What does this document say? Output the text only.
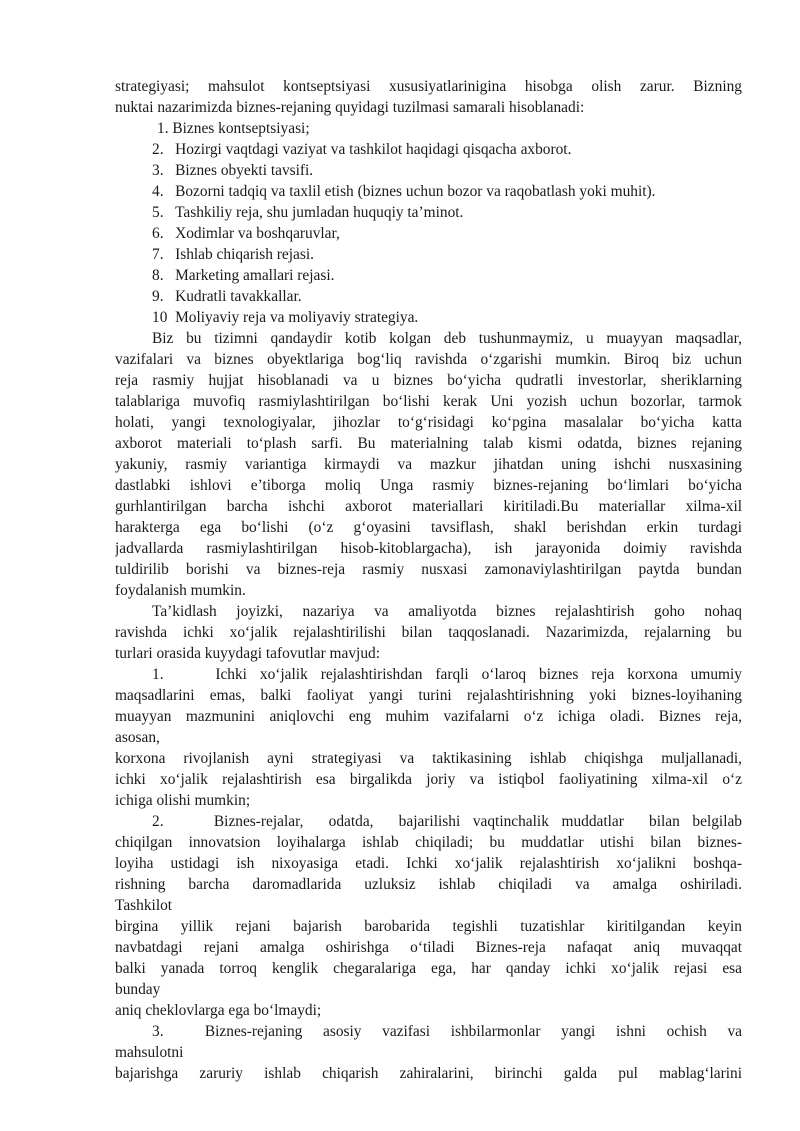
strategiyasi; mahsulot kontseptsiyasi xususiyatlarinigina hisobga olish zarur. Bizning
nuktai nazarimizda biznes-rejaning quyidagi tuzilmasi samarali hisoblanadi:
1. Biznes kontseptsiyasi;
2.   Hozirgi vaqtdagi vaziyat va tashkilot haqidagi qisqacha axborot.
3.   Biznes obyekti tavsifi.
4.   Bozorni tadqiq va taxlil etish (biznes uchun bozor va raqobatlash yoki muhit).
5.   Tashkiliy reja, shu jumladan huquqiy ta’minot.
6.   Xodimlar va boshqaruvlar,
7.   Ishlab chiqarish rejasi.
8.   Marketing amallari rejasi.
9.   Kudratli tavakkallar.
10  Moliyaviy reja va moliyaviy strategiya.
Biz bu tizimni qandaydir kotib kolgan deb tushunmaymiz, u muayyan maqsadlar,
vazifalari va biznes obyektlariga bog‘liq ravishda o‘zgarishi mumkin. Biroq biz uchun
reja rasmiy hujjat hisoblanadi va u biznes bo‘yicha qudratli investorlar, sheriklarning
talablariga muvofiq rasmiylashtirilgan bo‘lishi kerak Uni yozish uchun bozorlar, tarmok
holati, yangi texnologiyalar, jihozlar to‘g‘risidagi ko‘pgina masalalar bo‘yicha katta
axborot materiali to‘plash sarfi. Bu materialning talab kismi odatda, biznes rejaning
yakuniy, rasmiy variantiga kirmaydi va mazkur jihatdan uning ishchi nusxasining
dastlabki ishlovi e’tiborga moliq Unga rasmiy biznes-rejaning bo‘limlari bo‘yicha
gurhlantirilgan barcha ishchi axborot materiallari kiritiladi.Bu materiallar xilma-xil
harakterga ega bo‘lishi (o‘z g‘oyasini tavsiflash, shakl berishdan erkin turdagi
jadvallarda rasmiylashtirilgan hisob-kitoblargacha), ish jarayonida doimiy ravishda
tuldirilib borishi va biznes-reja rasmiy nusxasi zamonaviylashtirilgan paytda bundan
foydalanish mumkin.
Ta’kidlash joyizki, nazariya va amaliyotda biznes rejalashtirish goho nohaq
ravishda ichki xo‘jalik rejalashtirilishi bilan taqqoslanadi. Nazarimizda, rejalarning bu
turlari orasida kuyydagi tafovutlar mavjud:
1.    Ichki xo‘jalik rejalashtirishdan farqli o‘laroq biznes reja korxona umumiy
maqsadlarini emas, balki faoliyat yangi turini rejalashtirishning yoki biznes-loyihaning
muayyan mazmunini aniqlovchi eng muhim vazifalarni o‘z ichiga oladi. Biznes reja,
asosan,
korxona rivojlanish ayni strategiyasi va taktikasining ishlab chiqishga muljallanadi,
ichki xo‘jalik rejalashtirish esa birgalikda joriy va istiqbol faoliyatining xilma-xil o‘z
ichiga olishi mumkin;
2.    Biznes-rejalar,  odatda,  bajarilishi vaqtinchalik muddatlar  bilan belgilab
chiqilgan innovatsion loyihalarga ishlab chiqiladi; bu muddatlar utishi bilan biznes-
loyiha ustidagi ish nixoyasiga etadi. Ichki xo‘jalik rejalashtirish xo‘jalikni boshqa-
rishning barcha daromadlarida uzluksiz ishlab chiqiladi va amalga oshiriladi.
Tashkilot
birgina yillik rejani bajarish barobarida tegishli tuzatishlar kiritilgandan keyin
navbatdagi rejani amalga oshirishga o‘tiladi Biznes-reja nafaqat aniq muvaqqat
balki yanada torroq kenglik chegaralariga ega, har qanday ichki xo‘jalik rejasi esa
bunday
aniq cheklovlarga ega bo‘lmaydi;
3.  Biznes-rejaning asosiy vazifasi ishbilarmonlar yangi ishni ochish va
mahsulotni
bajarishga zaruriy ishlab chiqarish zahiralarini, birinchi galda pul mablag‘larini
